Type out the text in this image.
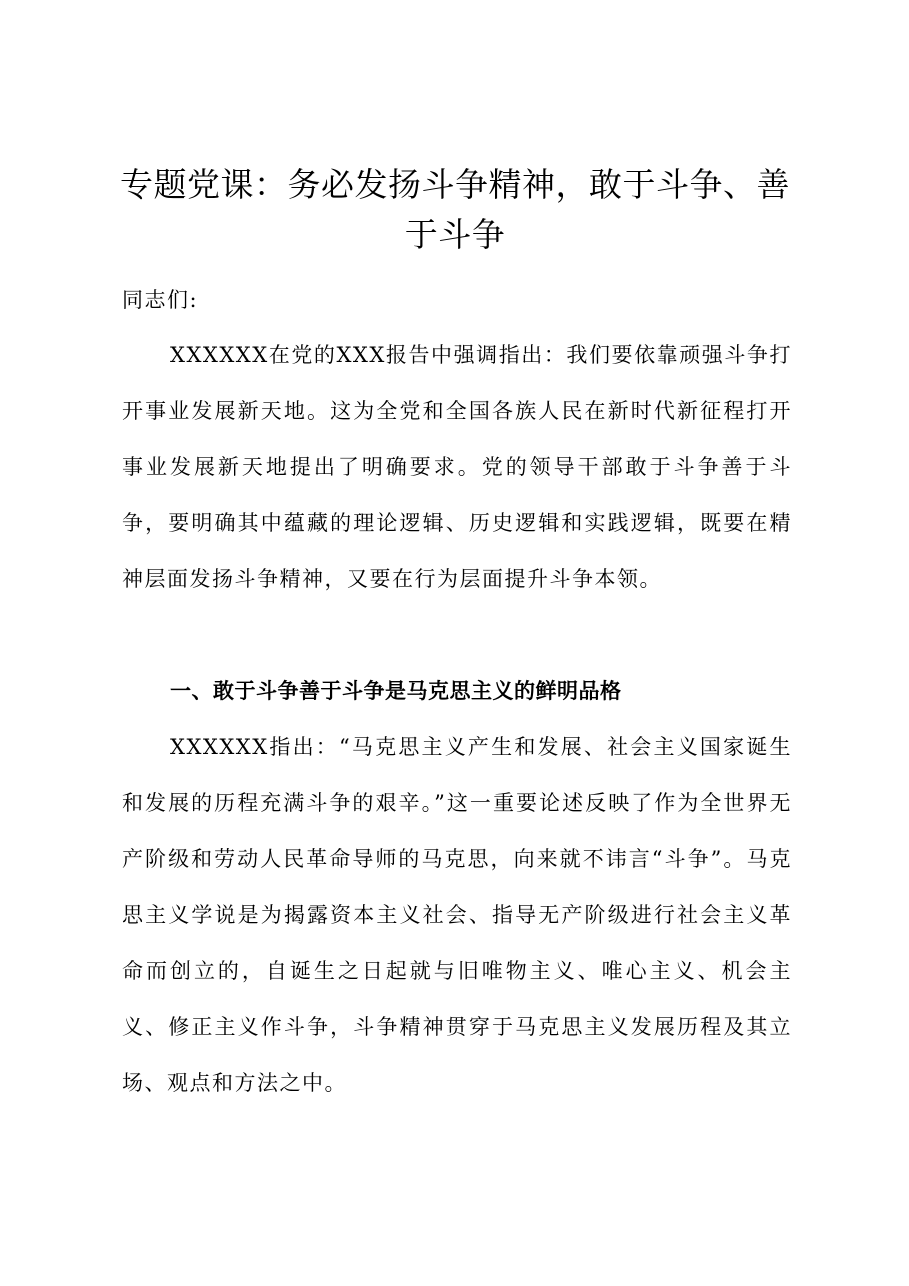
专题党课：务必发扬斗争精神，敢于斗争、善于斗争

同志们:

XXXXXX在党的XXX报告中强调指出：我们要依靠顽强斗争打开事业发展新天地。这为全党和全国各族人民在新时代新征程打开事业发展新天地提出了明确要求。党的领导干部敢于斗争善于斗争，要明确其中蕴藏的理论逻辑、历史逻辑和实践逻辑，既要在精神层面发扬斗争精神，又要在行为层面提升斗争本领。

一、敢于斗争善于斗争是马克思主义的鲜明品格

XXXXXX指出：“马克思主义产生和发展、社会主义国家诞生和发展的历程充满斗争的艰辛。”这一重要论述反映了作为全世界无产阶级和劳动人民革命导师的马克思，向来就不讳言“斗争”。马克思主义学说是为揭露资本主义社会、指导无产阶级进行社会主义革命而创立的，自诞生之日起就与旧唯物主义、唯心主义、机会主义、修正主义作斗争，斗争精神贯穿于马克思主义发展历程及其立场、观点和方法之中。
